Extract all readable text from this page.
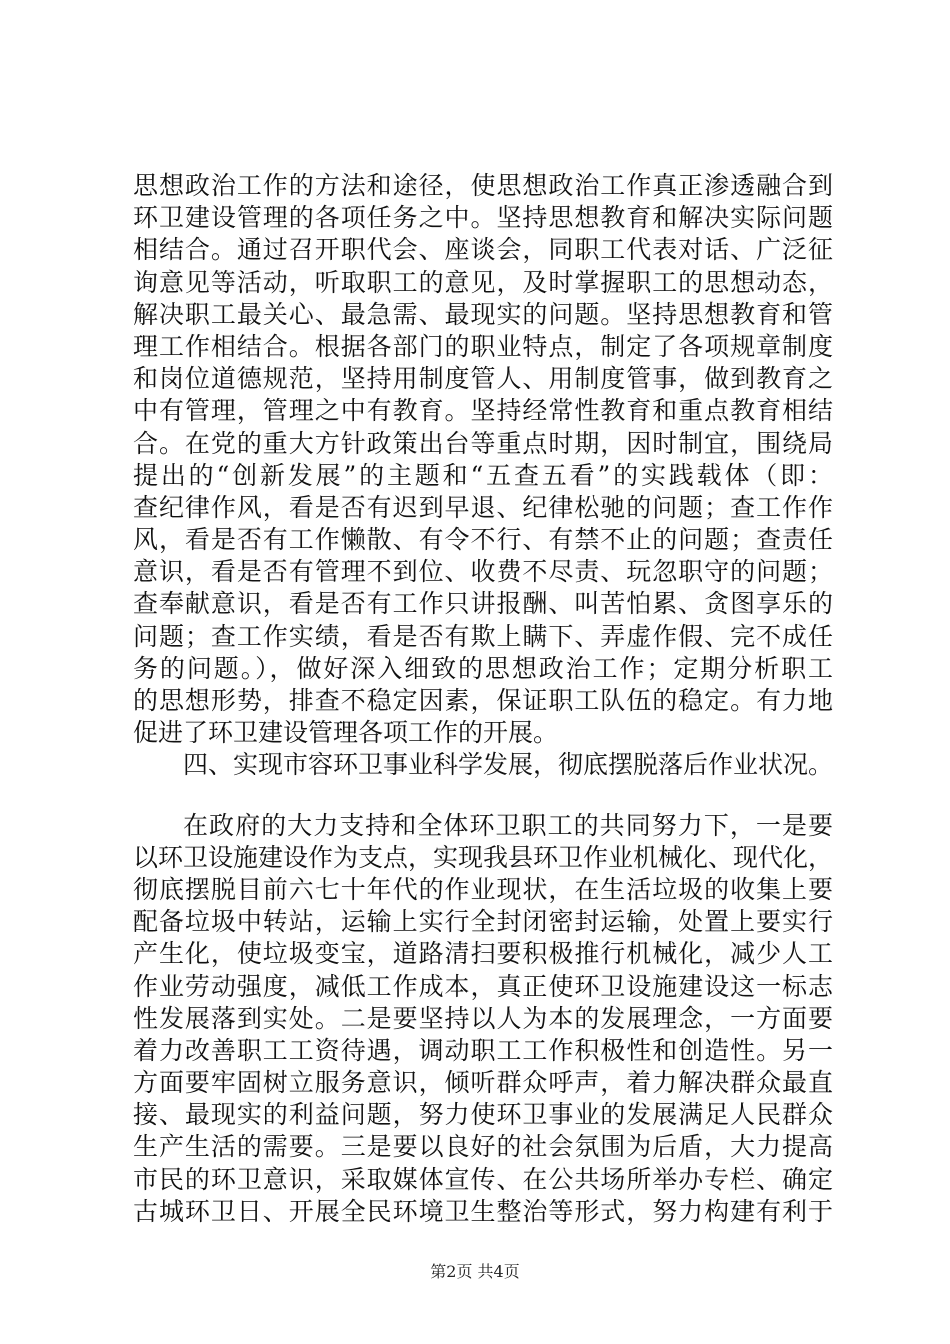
思想政治工作的方法和途径，使思想政治工作真正渗透融合到
环卫建设管理的各项任务之中。坚持思想教育和解决实际问题
相结合。通过召开职代会、座谈会，同职工代表对话、广泛征
询意见等活动，听取职工的意见，及时掌握职工的思想动态，
解决职工最关心、最急需、最现实的问题。坚持思想教育和管
理工作相结合。根据各部门的职业特点，制定了各项规章制度
和岗位道德规范，坚持用制度管人、用制度管事，做到教育之
中有管理，管理之中有教育。坚持经常性教育和重点教育相结
合。在党的重大方针政策出台等重点时期，因时制宜，围绕局
提出的“创新发展”的主题和“五查五看”的实践载体（即：
查纪律作风，看是否有迟到早退、纪律松驰的问题；查工作作
风，看是否有工作懒散、有令不行、有禁不止的问题；查责任
意识，看是否有管理不到位、收费不尽责、玩忽职守的问题；
查奉献意识，看是否有工作只讲报酬、叫苦怕累、贪图享乐的
问题；查工作实绩，看是否有欺上瞒下、弄虚作假、完不成任
务的问题。），做好深入细致的思想政治工作；定期分析职工
的思想形势，排查不稳定因素，保证职工队伍的稳定。有力地
促进了环卫建设管理各项工作的开展。
四、实现市容环卫事业科学发展，彻底摆脱落后作业状况。
在政府的大力支持和全体环卫职工的共同努力下，一是要
以环卫设施建设作为支点，实现我县环卫作业机械化、现代化，
彻底摆脱目前六七十年代的作业现状，在生活垃圾的收集上要
配备垃圾中转站，运输上实行全封闭密封运输，处置上要实行
产生化，使垃圾变宝，道路清扫要积极推行机械化，减少人工
作业劳动强度，减低工作成本，真正使环卫设施建设这一标志
性发展落到实处。二是要坚持以人为本的发展理念，一方面要
着力改善职工工资待遇，调动职工工作积极性和创造性。另一
方面要牢固树立服务意识，倾听群众呼声，着力解决群众最直
接、最现实的利益问题，努力使环卫事业的发展满足人民群众
生产生活的需要。三是要以良好的社会氛围为后盾，大力提高
市民的环卫意识，采取媒体宣传、在公共场所举办专栏、确定
古城环卫日、开展全民环境卫生整治等形式，努力构建有利于
第2页 共4页
